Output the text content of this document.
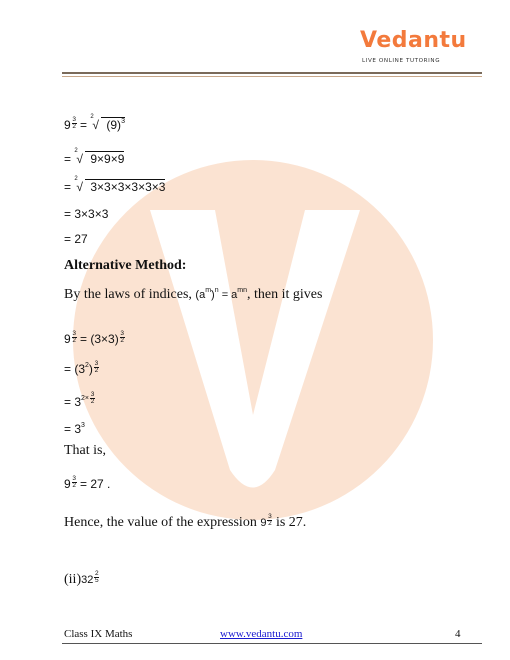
Vedantu
LIVE ONLINE TUTORING
$9 \frac{3}{2}$ =
2
√ $(9)^3$
=
2
√ 9×9×9
=
2
√ 3×3×3×3×3×3
= 3×3×3
= 27
Alternative Method:
By the laws of indices, $(a^m)^n = a^{mn}$, then it gives
$9 \frac{3}{2} = (3\times 3) \frac{3}{2}$
= $(3^2) \frac{3}{2}$
= $3^{2\times} \frac{3}{2}$
= $3^3$
That is,
$9 \frac{3}{2} = 27$ .
Hence, the value of the expression $9 \frac{3}{2}$ is 27.
$(ii)32 \frac{2}{5}$
Class IX Maths	www.vedantu.com	4
